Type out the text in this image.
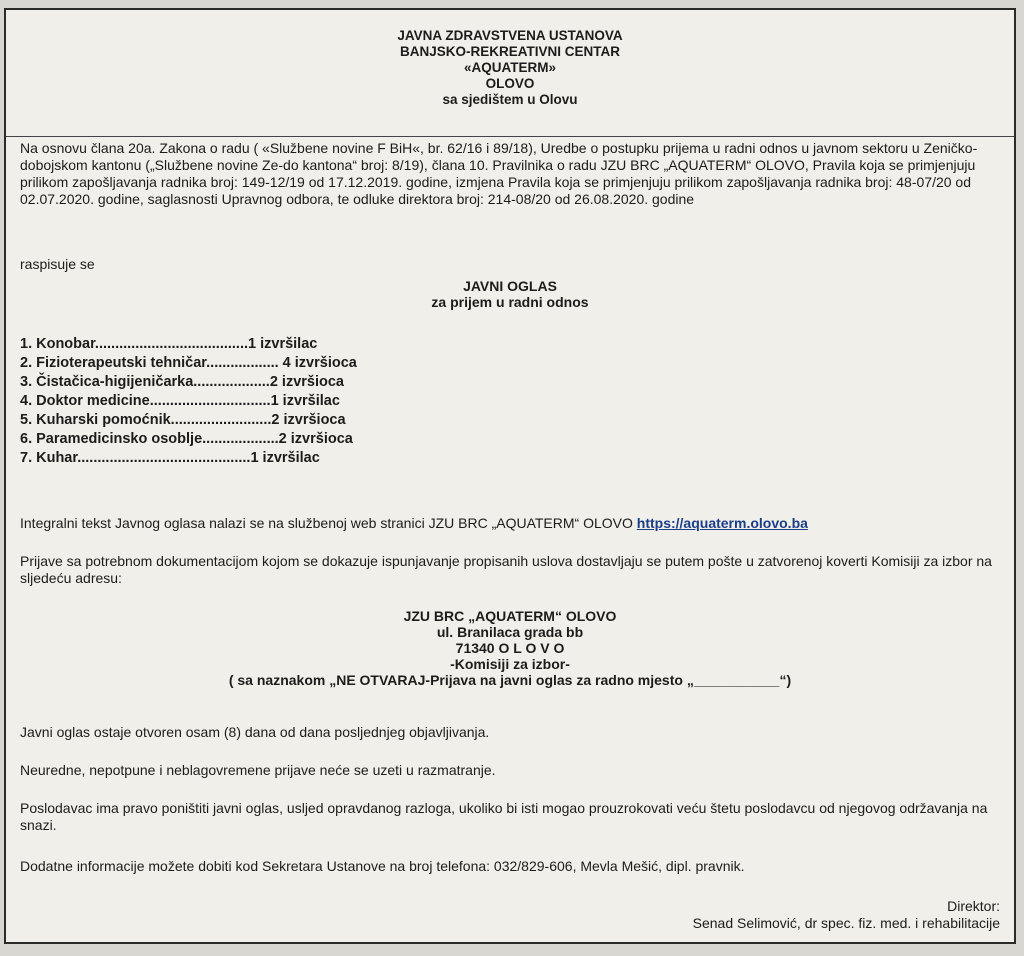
JAVNA ZDRAVSTVENA USTANOVA
BANJSKO-REKREATIVNI CENTAR
«AQUATERM»
OLOVO
sa sjedištem u Olovu
Na osnovu člana 20a. Zakona o radu ( «Službene novine F BiH«, br. 62/16 i 89/18), Uredbe o postupku prijema u radni odnos u javnom sektoru u Zeničko-dobojskom kantonu („Službene novine Ze-do kantona“ broj: 8/19), člana 10. Pravilnika o radu JZU BRC „AQUATERM“ OLOVO, Pravila koja se primjenjuju prilikom zapošljavanja radnika broj: 149-12/19 od 17.12.2019. godine, izmjena Pravila koja se primjenjuju prilikom zapošljavanja radnika broj: 48-07/20 od 02.07.2020. godine, saglasnosti Upravnog odbora, te odluke direktora broj: 214-08/20 od 26.08.2020. godine
raspisuje se
JAVNI OGLAS
za prijem u radni odnos
1. Konobar......................................1 izvršilac
2. Fizioterapeutski tehničar.................. 4 izvršioca
3. Čistačica-higijeničarka...................2 izvršioca
4. Doktor medicine..............................1 izvršilac
5. Kuharski pomoćnik.........................2 izvršioca
6. Paramedicinsko osoblje...................2 izvršioca
7. Kuhar...........................................1 izvršilac
Integralni tekst Javnog oglasa nalazi se na službenoj web stranici JZU BRC „AQUATERM“ OLOVO https://aquaterm.olovo.ba
Prijave sa potrebnom dokumentacijom kojom se dokazuje ispunjavanje propisanih uslova dostavljaju se putem pošte u zatvorenoj koverti Komisiji za izbor na sljedeću adresu:
JZU BRC „AQUATERM“ OLOVO
ul. Branilaca grada bb
71340 O L O V O
-Komisiji za izbor-
( sa naznakom „NE OTVARAJ-Prijava na javni oglas za radno mjesto „___________“)
Javni oglas ostaje otvoren osam (8) dana od dana posljednjeg objavljivanja.
Neuredne, nepotpune i neblagovremene prijave neće se uzeti u razmatranje.
Poslodavac ima pravo poništiti javni oglas, usljed opravdanog razloga, ukoliko bi isti mogao prouzrokovati veću štetu poslodavcu od njegovog održavanja na snazi.
Dodatne informacije možete dobiti kod Sekretara Ustanove na broj telefona: 032/829-606, Mevla Mešić, dipl. pravnik.
Direktor:
Senad Selimović, dr spec. fiz. med. i rehabilitacije
